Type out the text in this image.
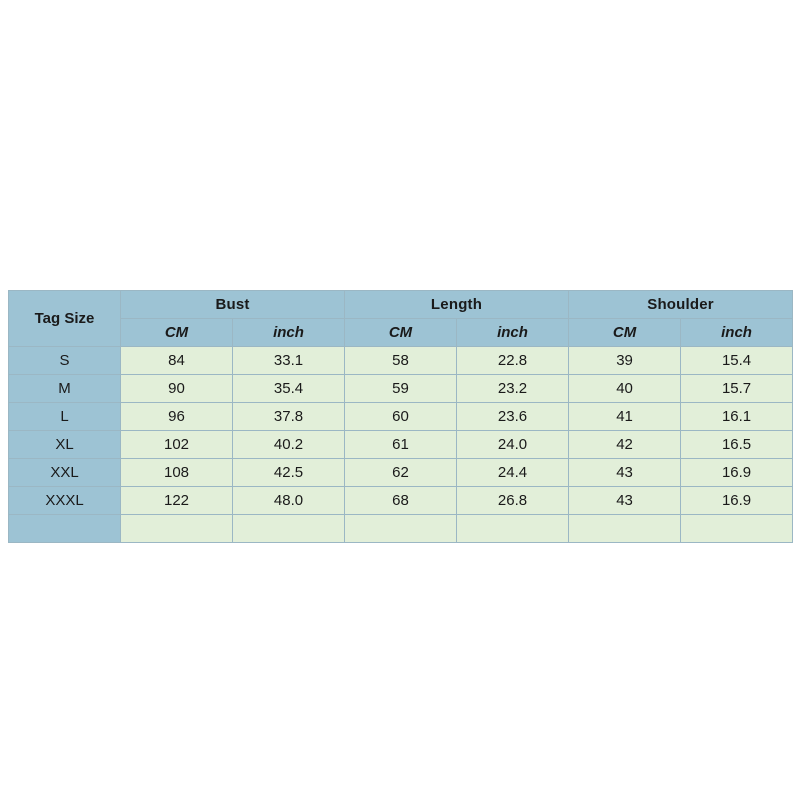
Tag Size	Bust		Length		Shoulder	
	CM	inch	CM	inch	CM	inch
S	84	33.1	58	22.8	39	15.4
M	90	35.4	59	23.2	40	15.7
L	96	37.8	60	23.6	41	16.1
XL	102	40.2	61	24.0	42	16.5
XXL	108	42.5	62	24.4	43	16.9
XXXL	122	48.0	68	26.8	43	16.9
